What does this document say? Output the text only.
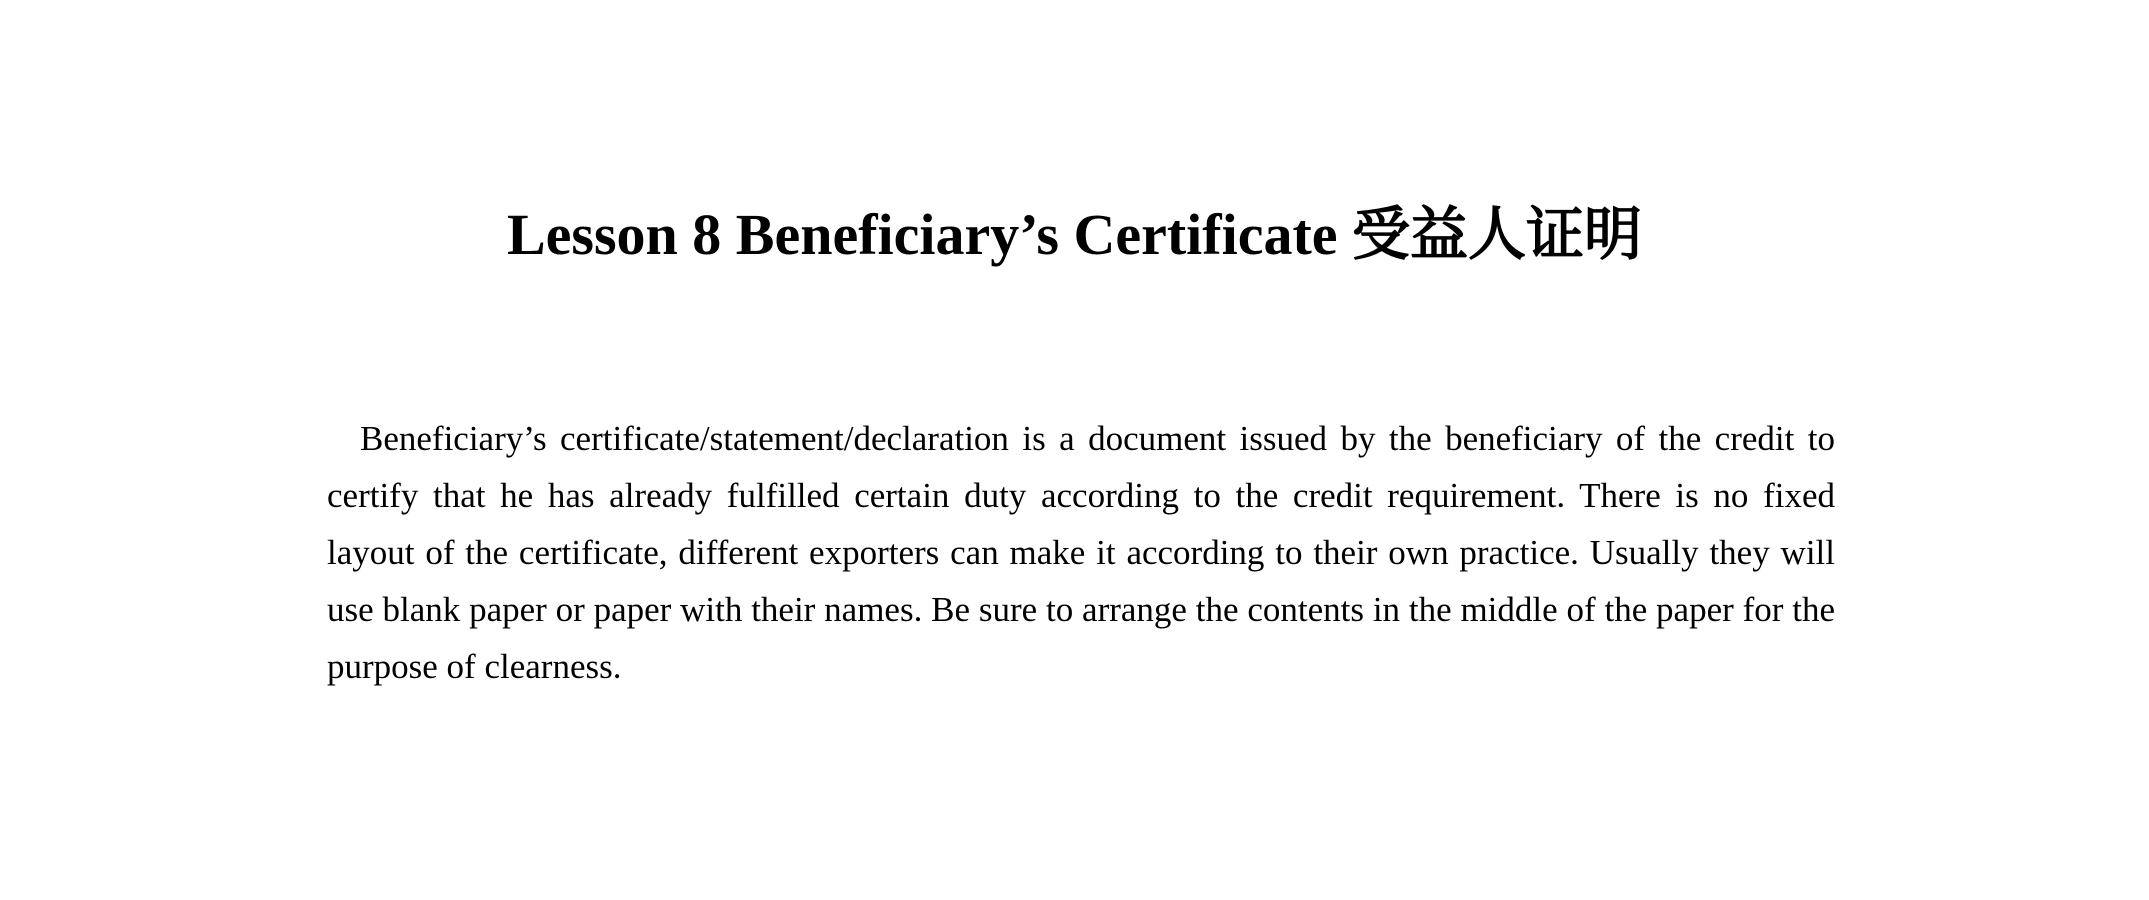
Lesson 8 Beneficiary’s Certificate 受益人证明

Beneficiary’s certificate/statement/declaration is a document issued by the beneficiary of the credit to certify that he has already fulfilled certain duty according to the credit requirement. There is no fixed layout of the certificate, different exporters can make it according to their own practice. Usually they will use blank paper or paper with their names. Be sure to arrange the contents in the middle of the paper for the purpose of clearness.
